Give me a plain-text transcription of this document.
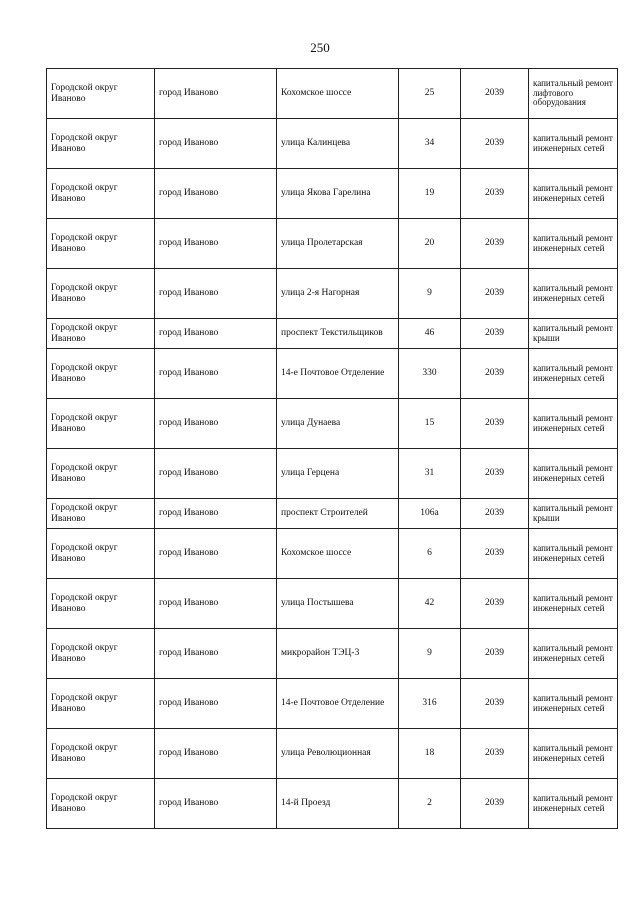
250
Городской округ Иваново	город Иваново	Кохомское шоссе	25	2039	капитальный ремонт лифтового оборудования
Городской округ Иваново	город Иваново	улица Калинцева	34	2039	капитальный ремонт инженерных сетей
Городской округ Иваново	город Иваново	улица Якова Гарелина	19	2039	капитальный ремонт инженерных сетей
Городской округ Иваново	город Иваново	улица Пролетарская	20	2039	капитальный ремонт инженерных сетей
Городской округ Иваново	город Иваново	улица 2-я Нагорная	9	2039	капитальный ремонт инженерных сетей
Городской округ Иваново	город Иваново	проспект Текстильщиков	46	2039	капитальный ремонт крыши
Городской округ Иваново	город Иваново	14-е Почтовое Отделение	330	2039	капитальный ремонт инженерных сетей
Городской округ Иваново	город Иваново	улица Дунаева	15	2039	капитальный ремонт инженерных сетей
Городской округ Иваново	город Иваново	улица Герцена	31	2039	капитальный ремонт инженерных сетей
Городской округ Иваново	город Иваново	проспект Строителей	106а	2039	капитальный ремонт крыши
Городской округ Иваново	город Иваново	Кохомское шоссе	6	2039	капитальный ремонт инженерных сетей
Городской округ Иваново	город Иваново	улица Постышева	42	2039	капитальный ремонт инженерных сетей
Городской округ Иваново	город Иваново	микрорайон ТЭЦ-3	9	2039	капитальный ремонт инженерных сетей
Городской округ Иваново	город Иваново	14-е Почтовое Отделение	316	2039	капитальный ремонт инженерных сетей
Городской округ Иваново	город Иваново	улица Революционная	18	2039	капитальный ремонт инженерных сетей
Городской округ Иваново	город Иваново	14-й Проезд	2	2039	капитальный ремонт инженерных сетей
